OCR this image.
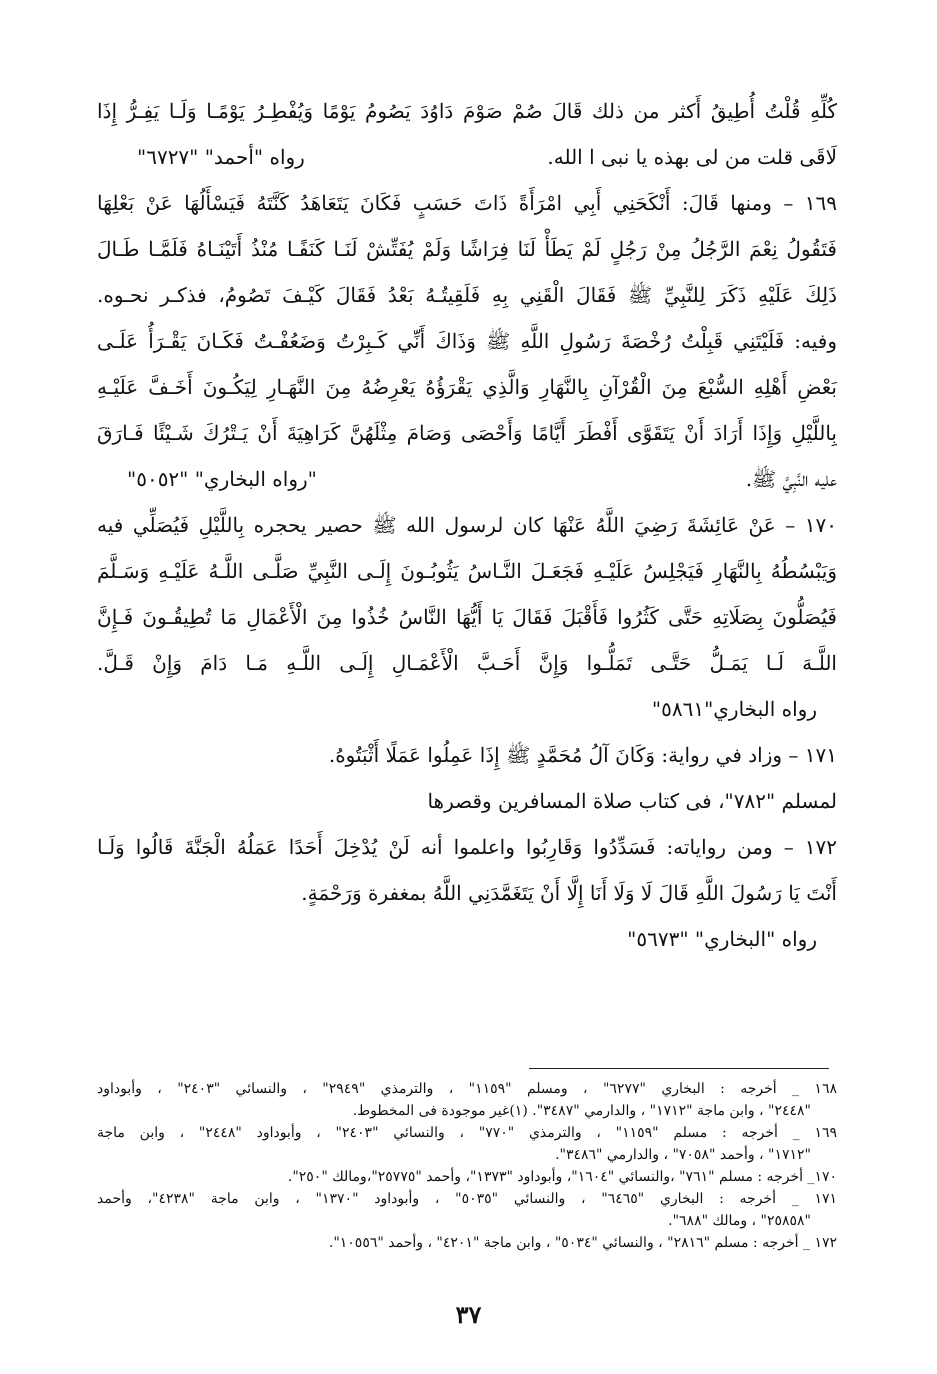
كُلِّهِ قُلْتُ أُطِيقُ أَكثر من ذلك قَالَ صُمْ صَوْمَ دَاوُدَ يَصُومُ يَوْمًا وَيُفْطِـرُ يَوْمًـا وَلَـا يَفِـرُّ إِذَا
لَاقَى قلت من لى بهذه يا نبى ا الله.
رواه "أحمد" "٦٧٢٧"
١٦٩ – ومنها قَالَ: أَنْكَحَنِي أَبِي امْرَأَةً ذَاتَ حَسَبٍ فَكَانَ يَتَعَاهَدُ كَنَّتَهُ فَيَسْأَلُهَا عَنْ بَعْلِهَا
فَتَقُولُ نِعْمَ الرَّجُلُ مِنْ رَجُلٍ لَمْ يَطَأْ لَنَا فِرَاشًا وَلَمْ يُفَتِّشْ لَنَـا كَنَفًـا مُنْذُ أَتَيْنَـاهُ فَلَمَّـا طَـالَ
ذَلِكَ عَلَيْهِ ذَكَرَ لِلنَّبِيِّ ﷺ فَقَالَ الْقَنِي بِهِ فَلَقِيتُـهُ بَعْدُ فَقَالَ كَيْـفَ تَصُومُ، فذكـر نحـوه.
وفيه: فَلَيْتَنِي قَبِلْتُ رُخْصَةَ رَسُولِ اللَّهِ ﷺ وَذَاكَ أَنِّي كَـبِرْتُ وَضَعُفْـتُ فَكَـانَ يَقْـرَأُ عَلَـى
بَعْضِ أَهْلِهِ السُّبْعَ مِنَ الْقُرْآنِ بِالنَّهَارِ وَالَّذِي يَقْرَؤُهُ يَعْرِضُهُ مِنَ النَّهَـارِ لِيَكُـونَ أَخَـفَّ عَلَيْـهِ
بِاللَّيْلِ وَإِذَا أَرَادَ أَنْ يَتَقَوَّى أَفْطَرَ أَيَّامًا وَأَحْصَى وَصَامَ مِثْلَهُنَّ كَرَاهِيَةَ أَنْ يَـتْرُكَ شَـيْئًا فَـارَقَ
عليه النَّبِيَّ ﷺ.
"رواه البخاري" "٥٠٥٢"
١٧٠ – عَنْ عَائِشَةَ رَضِيَ اللَّهُ عَنْهَا كان لرسول الله ﷺ حصير يحجره بِاللَّيْلِ فَيُصَلِّي فيه
وَيَبْسُطُهُ بِالنَّهَارِ فَيَجْلِسُ عَلَيْـهِ فَجَعَـلَ النَّـاسُ يَثُوبُـونَ إِلَـى النَّبِيِّ صَلَّـى اللَّـهُ عَلَيْـهِ وَسَـلَّمَ
فَيُصَلُّونَ بِصَلَاتِهِ حَتَّى كَثُرُوا فَأَقْبَلَ فَقَالَ يَا أَيُّهَا النَّاسُ خُذُوا مِنَ الْأَعْمَالِ مَا تُطِيقُـونَ فَـإِنَّ
اللَّـهَ لَـا يَمَـلُّ حَتَّـى تَمَلُّـوا وَإِنَّ أَحَـبَّ الْأَعْمَـالِ إِلَـى اللَّـهِ مَـا دَامَ وَإِنْ قَـلَّ.
رواه البخاري"٥٨٦١"
١٧١ – وزاد في رواية: وَكَانَ آلُ مُحَمَّدٍ ﷺ إِذَا عَمِلُوا عَمَلًا أَثْبَتُوهُ.
لمسلم "٧٨٢"، فى كتاب صلاة المسافرين وقصرها
١٧٢ – ومن رواياته: فَسَدِّدُوا وَقَارِبُوا واعلموا أنه لَنْ يُدْخِلَ أَحَدًا عَمَلُهُ الْجَنَّةَ قَالُوا وَلَـا
أَنْتَ يَا رَسُولَ اللَّهِ قَالَ لَا وَلَا أَنَا إِلَّا أَنْ يَتَغَمَّدَنِي اللَّهُ بمغفرة وَرَحْمَةٍ.
رواه "البخاري" "٥٦٧٣"
١٦٨ _ أخرجه : البخاري "٦٢٧٧" ، ومسلم "١١٥٩" ، والترمذي "٢٩٤٩" ، والنسائي "٢٤٠٣" ، وأبوداود
"٢٤٤٨" ، وابن ماجة "١٧١٢" ، والدارمي "٣٤٨٧". (١)غير موجودة فى المخطوط.
١٦٩ _ أخرجه : مسلم "١١٥٩" ، والترمذي "٧٧٠" ، والنسائي "٢٤٠٣" ، وأبوداود "٢٤٤٨" ، وابن ماجة
"١٧١٢" ، وأحمد "٧٠٥٨" ، والدارمي "٣٤٨٦".
١٧٠_ أخرجه : مسلم "٧٦١" ،والنسائي "١٦٠٤"، وأبوداود "١٣٧٣"، وأحمد "٢٥٧٧٥"،ومالك "٢٥٠".
١٧١ _ أخرجه : البخاري "٦٤٦٥" ، والنسائي "٥٠٣٥" ، وأبوداود "١٣٧٠" ، وابن ماجة "٤٢٣٨"، وأحمد
"٢٥٨٥٨" ، ومالك "٦٨٨".
١٧٢ _ أخرجه : مسلم "٢٨١٦" ، والنسائي "٥٠٣٤" ، وابن ماجة "٤٢٠١" ، وأحمد "١٠٥٥٦".
٣٧
